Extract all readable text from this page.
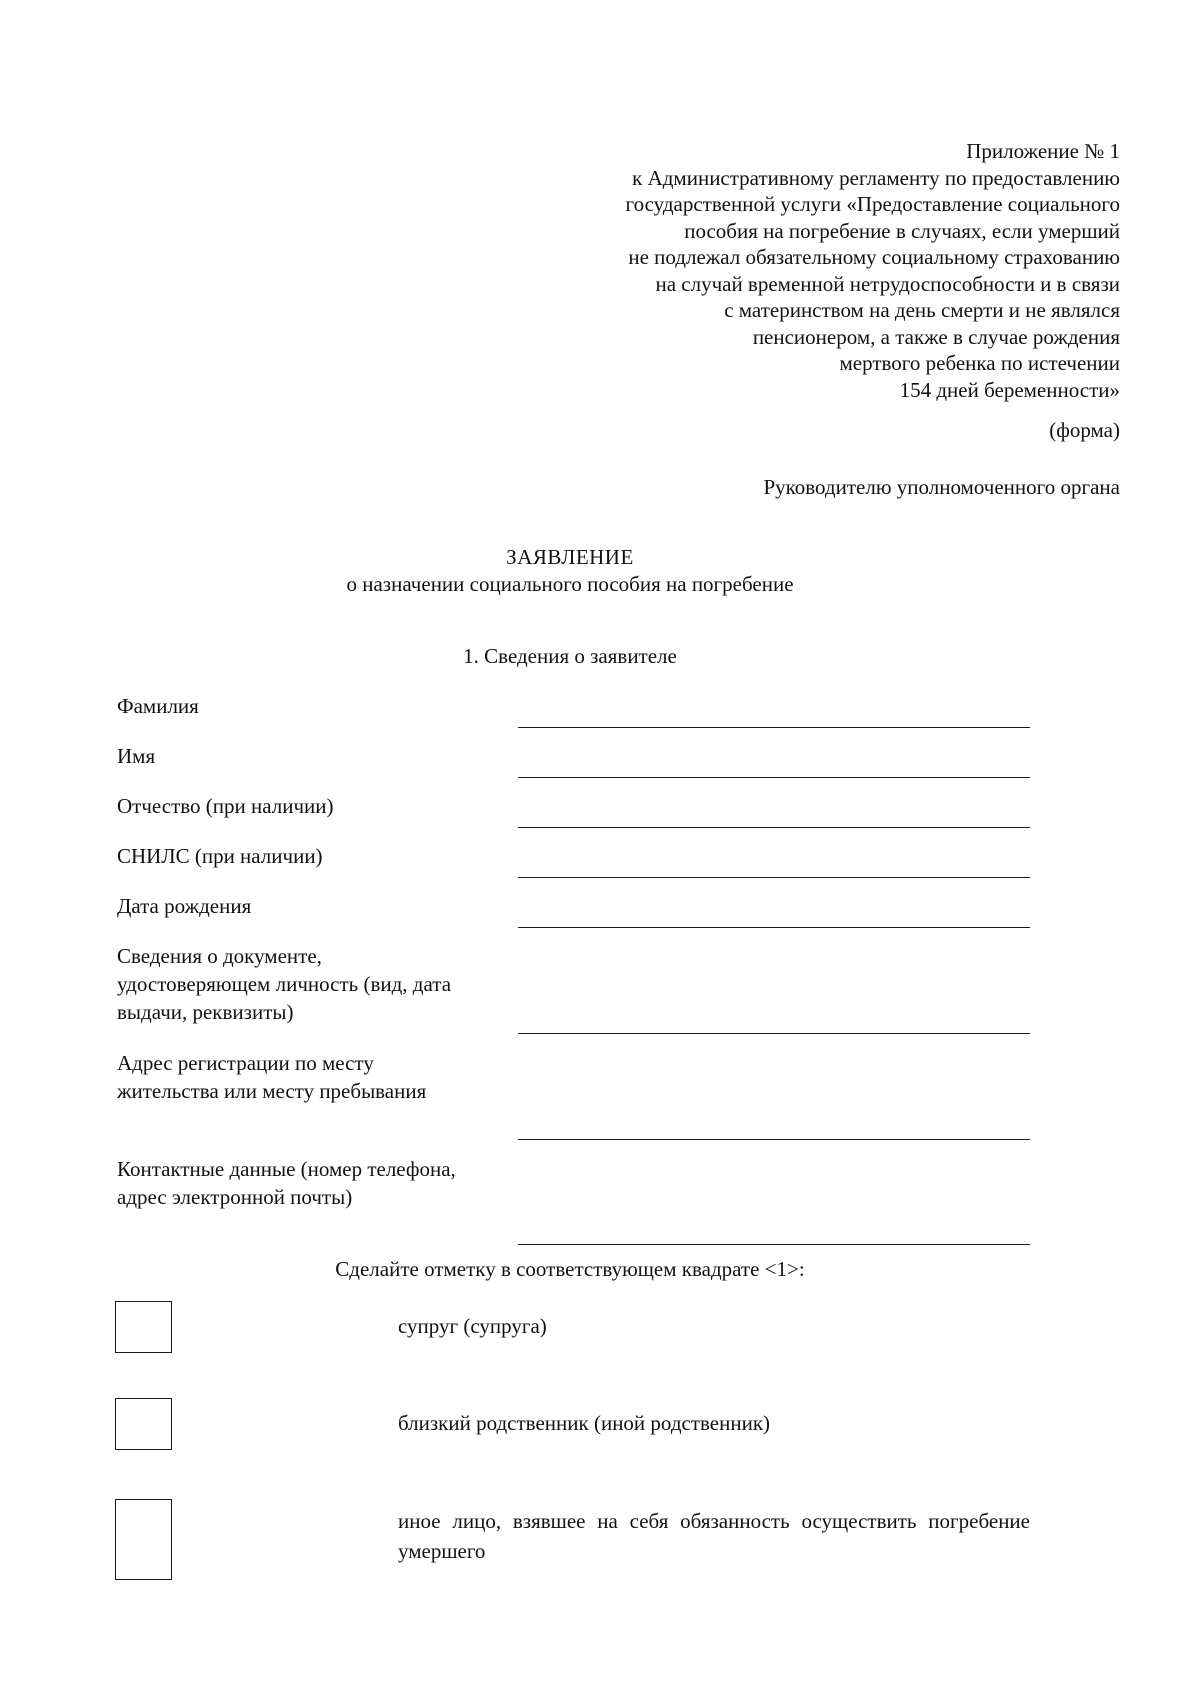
Приложение № 1
к Административному регламенту по предоставлению
государственной услуги «Предоставление социального
пособия на погребение в случаях, если умерший
не подлежал обязательному социальному страхованию
на случай временной нетрудоспособности и в связи
с материнством на день смерти и не являлся
пенсионером, а также в случае рождения
мертвого ребенка по истечении
154 дней беременности»
(форма)
Руководителю уполномоченного органа
ЗАЯВЛЕНИЕ
о назначении социального пособия на погребение
1. Сведения о заявителе
Фамилия
Имя
Отчество (при наличии)
СНИЛС (при наличии)
Дата рождения
Сведения о документе, удостоверяющем личность (вид, дата выдачи, реквизиты)
Адрес регистрации по месту жительства или месту пребывания
Контактные данные (номер телефона, адрес электронной почты)
Сделайте отметку в соответствующем квадрате <1>:
супруг (супруга)
близкий родственник (иной родственник)
иное лицо, взявшее на себя обязанность осуществить погребение умершего
